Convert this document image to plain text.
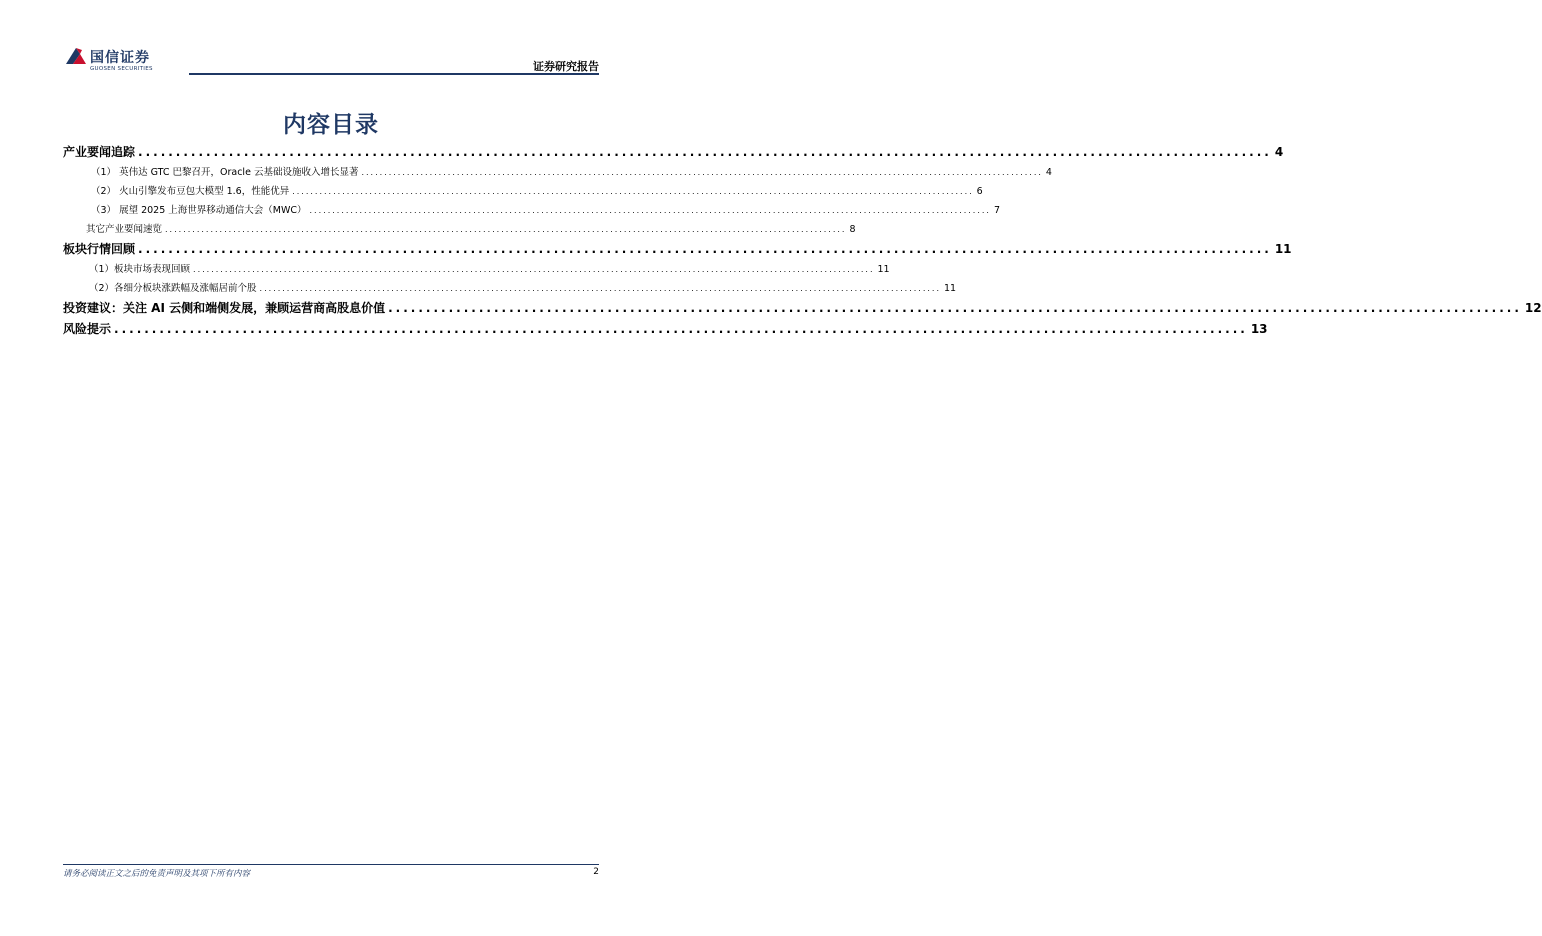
国信证券
GUOSEN SECURITIES	证券研究报告
内容目录
产业要闻追踪 ...................................................................................................................................................... 4
（1） 英伟达 GTC 巴黎召开，Oracle 云基础设施收入增长显著 ...................................................................................................................................................... 4
（2） 火山引擎发布豆包大模型 1.6，性能优异 ...................................................................................................................................................... 6
（3） 展望 2025 上海世界移动通信大会（MWC） ...................................................................................................................................................... 7
其它产业要闻速览 ...................................................................................................................................................... 8
板块行情回顾 ...................................................................................................................................................... 11
（1）板块市场表现回顾 ...................................................................................................................................................... 11
（2）各细分板块涨跌幅及涨幅居前个股 ...................................................................................................................................................... 11
投资建议：关注 AI 云侧和端侧发展，兼顾运营商高股息价值 ...................................................................................................................................................... 12
风险提示 ...................................................................................................................................................... 13
请务必阅读正文之后的免责声明及其项下所有内容	2
